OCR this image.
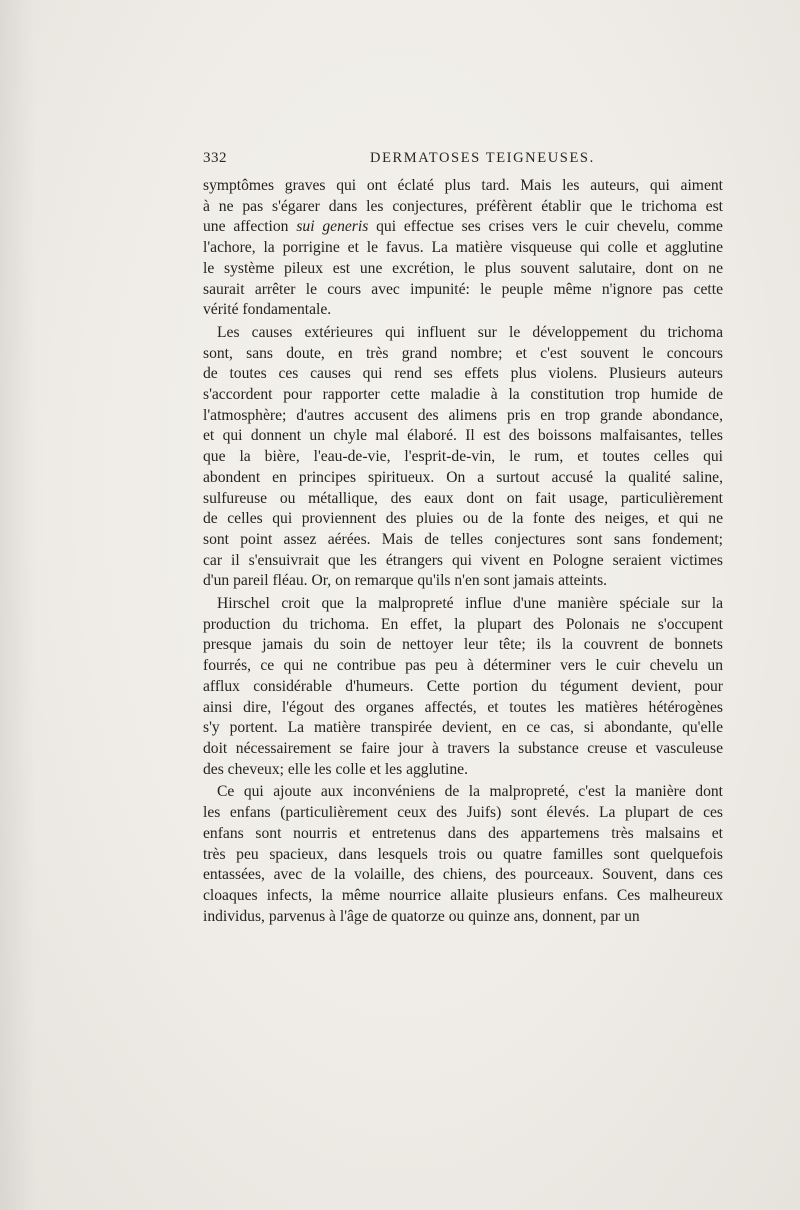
332	DERMATOSES TEIGNEUSES.
symptômes graves qui ont éclaté plus tard. Mais les auteurs, qui aiment
à ne pas s'égarer dans les conjectures, préfèrent établir que le trichoma est
une affection sui generis qui effectue ses crises vers le cuir chevelu, comme
l'achore, la porrigine et le favus. La matière visqueuse qui colle et agglutine
le système pileux est une excrétion, le plus souvent salutaire, dont on ne
saurait arrêter le cours avec impunité: le peuple même n'ignore pas cette
vérité fondamentale.
Les causes extérieures qui influent sur le développement du trichoma
sont, sans doute, en très grand nombre; et c'est souvent le concours
de toutes ces causes qui rend ses effets plus violens. Plusieurs auteurs
s'accordent pour rapporter cette maladie à la constitution trop humide de
l'atmosphère; d'autres accusent des alimens pris en trop grande abondance,
et qui donnent un chyle mal élaboré. Il est des boissons malfaisantes, telles
que la bière, l'eau-de-vie, l'esprit-de-vin, le rum, et toutes celles qui
abondent en principes spiritueux. On a surtout accusé la qualité saline,
sulfureuse ou métallique, des eaux dont on fait usage, particulièrement
de celles qui proviennent des pluies ou de la fonte des neiges, et qui ne
sont point assez aérées. Mais de telles conjectures sont sans fondement;
car il s'ensuivrait que les étrangers qui vivent en Pologne seraient victimes
d'un pareil fléau. Or, on remarque qu'ils n'en sont jamais atteints.
Hirschel croit que la malpropreté influe d'une manière spéciale sur la
production du trichoma. En effet, la plupart des Polonais ne s'occupent
presque jamais du soin de nettoyer leur tête; ils la couvrent de bonnets
fourrés, ce qui ne contribue pas peu à déterminer vers le cuir chevelu un
afflux considérable d'humeurs. Cette portion du tégument devient, pour
ainsi dire, l'égout des organes affectés, et toutes les matières hétérogènes
s'y portent. La matière transpirée devient, en ce cas, si abondante, qu'elle
doit nécessairement se faire jour à travers la substance creuse et vasculeuse
des cheveux; elle les colle et les agglutine.
Ce qui ajoute aux inconvéniens de la malpropreté, c'est la manière dont
les enfans (particulièrement ceux des Juifs) sont élevés. La plupart de ces
enfans sont nourris et entretenus dans des appartemens très malsains et
très peu spacieux, dans lesquels trois ou quatre familles sont quelquefois
entassées, avec de la volaille, des chiens, des pourceaux. Souvent, dans ces
cloaques infects, la même nourrice allaite plusieurs enfans. Ces malheureux
individus, parvenus à l'âge de quatorze ou quinze ans, donnent, par un
